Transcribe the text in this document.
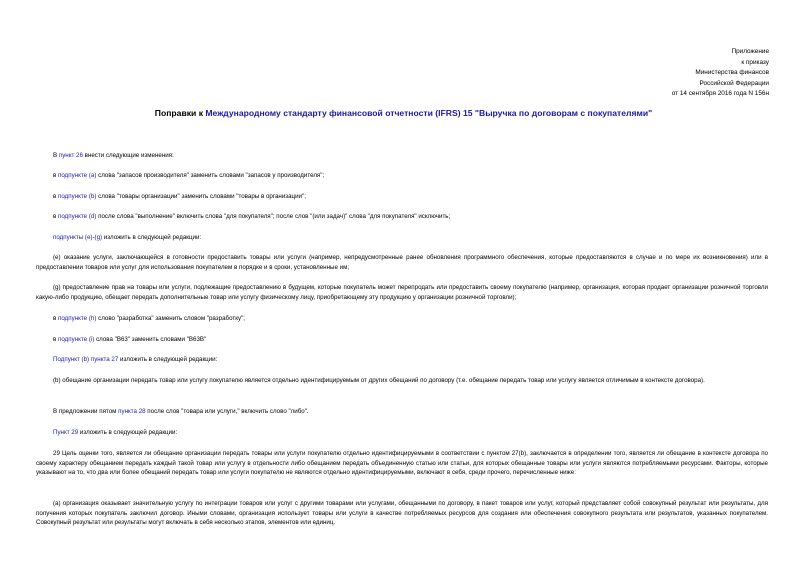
Приложение
к приказу
Министерства финансов
Российской Федерации
от 14 сентября 2016 года N 156н
Поправки к Международному стандарту финансовой отчетности (IFRS) 15 "Выручка по договорам с покупателями"
В пункт 26 внести следующие изменения:
в подпункте (a) слова "запасов производителя" заменить словами "запасов у производителя";
в подпункте (b) слова "товары организации" заменить словами "товары в организации";
в подпункте (d) после слова "выполнение" включить слова "для покупателя"; после слов "(или задач)" слова "для покупателя" исключить;
подпункты (e)-(g) изложить в следующей редакции:
(e) оказание услуги, заключающейся в готовности предоставить товары или услуги (например, непредусмотренные ранее обновления программного обеспечения, которые предоставляются в случае и по мере их возникновения) или в предоставлении товаров или услуг для использования покупателем в порядке и в сроки, установленные им;
(g) предоставление прав на товары или услуги, подлежащие предоставлению в будущем, которые покупатель может перепродать или предоставить своему покупателю (например, организация, которая продает организации розничной торговли какую-либо продукцию, обещает передать дополнительные товар или услугу физическому лицу, приобретающему эту продукцию у организации розничной торговли);
в подпункте (h) слово "разработка" заменить словом "разработку";
в подпункте (i) слова "B63" заменить словами "B63B"
Подпункт (b) пункта 27 изложить в следующей редакции:
(b) обещание организации передать товар или услугу покупателю является отдельно идентифицируемым от других обещаний по договору (т.е. обещание передать товар или услугу является отличимым в контексте договора).
В предложении пятом пункта 28 после слов "товара или услуги," включить слово "либо".
Пункт 29 изложить в следующей редакции:
29 Цель оценки того, является ли обещание организации передать товары или услуги покупателю отдельно идентифицируемыми в соответствии с пунктом 27(b), заключается в определении того, является ли обещание в контексте договора по своему характеру обещанием передать каждый такой товар или услугу в отдельности либо обещанием передать объединенную статью или статьи, для которых обещанные товары или услуги являются потребляемыми ресурсами. Факторы, которые указывают на то, что два или более обещаний передать товар или услуги покупателю не являются отдельно идентифицируемыми, включают в себя, среди прочего, перечисленные ниже:
(a) организация оказывает значительную услугу по интеграции товаров или услуг с другими товарами или услугами, обещанными по договору, в пакет товаров или услуг, который представляет собой совокупный результат или результаты, для получения которых покупатель заключил договор. Иными словами, организация использует товары или услуги в качестве потребляемых ресурсов для создания или обеспечения совокупного результата или результатов, указанных покупателем. Совокупный результат или результаты могут включать в себя несколько этапов, элементов или единиц.
